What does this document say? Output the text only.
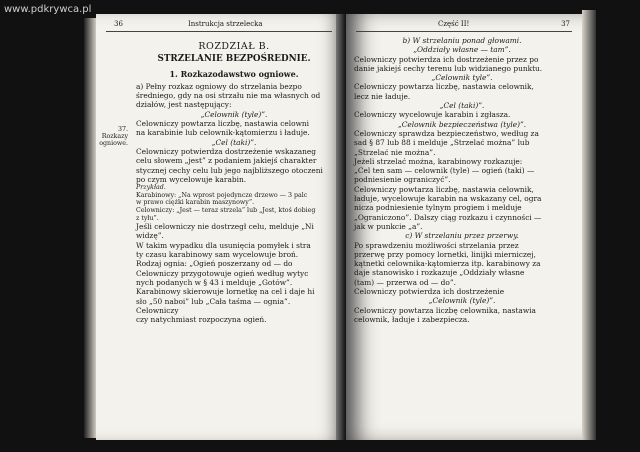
www.pdkrywca.pl
36	Instrukcja strzelecka
ROZDZIAŁ B.
STRZELANIE BEZPOŚREDNIE.
1. Rozkazodawstwo ogniowe.

a) Pełny rozkaz ogniowy do strzelania bezpo

średniego, gdy na osi strzału nie ma własnych od

działów, jest następujący:

„Celownik (tyle)”.

Celowniczy powtarza liczbę, nastawia celowni

na karabinie lub celownik-kątomierzu i ładuje.

„Cel (taki)”.

Celowniczy potwierdza dostrzeżenie wskazaneg

celu słowem „jest” z podaniem jakiejś charakter

stycznej cechy celu lub jego najbliższego otoczeni

po czym wycelowuje karabin.

Przykład.

Karabinowy: „Na wprost pojedyncze drzewo — 3 palc

w prawo ciężki karabin maszynowy”.

Celowniczy: „Jest — teraz strzela” lub „Jest, ktoś dobieg

z tyłu”.

Jeśli celowniczy nie dostrzegł celu, melduje „Ni

widzę”.

W takim wypadku dla usunięcia pomyłek i stra

ty czasu karabinowy sam wycelowuje broń.

Rodzaj ognia: „Ogień poszerzany od — do

Celowniczy przygotowuje ogień według wytyc

nych podanych w § 43 i melduje „Gotów”.

Karabinowy skierowuje lornetkę na cel i daje hi

sło „50 naboi” lub „Cała taśma — ognia”. Celowniczy

czy natychmiast rozpoczyna ogień.

37. Rozkazy ogniowe.
Część II!	37

b) W strzelaniu ponad głowami.

„Oddziały własne — tam”.

Celowniczy potwierdza ich dostrzeżenie przez po

danie jakiejś cechy terenu lub widzianego punktu.

„Celownik tyle”.

Celowniczy powtarza liczbę, nastawia celownik,

lecz nie ładuje.

„Cel (taki)”.

Celowniczy wycelowuje karabin i zgłasza.

„Celownik bezpieczeństwa (tyle)”.

Celowniczy sprawdza bezpieczeństwo, według za

sad § 87 lub 88 i melduje „Strzelać można” lub

„Strzelać nie można”.

Jeżeli strzelać można, karabinowy rozkazuje:

„Cel ten sam — celownik (tyle) — ogień (taki) —

podniesienie ograniczyć”.

Celowniczy powtarza liczbę, nastawia celownik,

ładuje, wycelowuje karabin na wskazany cel, ogra

nicza podniesienie tylnym progiem i melduje

„Ograniczono”. Dalszy ciąg rozkazu i czynności —

jak w punkcie „a”.

c) W strzelaniu przez przerwy.

Po sprawdzeniu możliwości strzelania przez

przerwę przy pomocy lornetki, linijki mierniczej,

kątnetki celownika-kątomierza itp. karabinowy za

daje stanowisko i rozkazuje „Oddziały własne

(tam) — przerwa od — do”.

Celowniczy potwierdza ich dostrzeżenie

„Celownik (tyle)”.

Celowniczy powtarza liczbę celownika, nastawia

celownik, ładuje i zabezpiecza.
